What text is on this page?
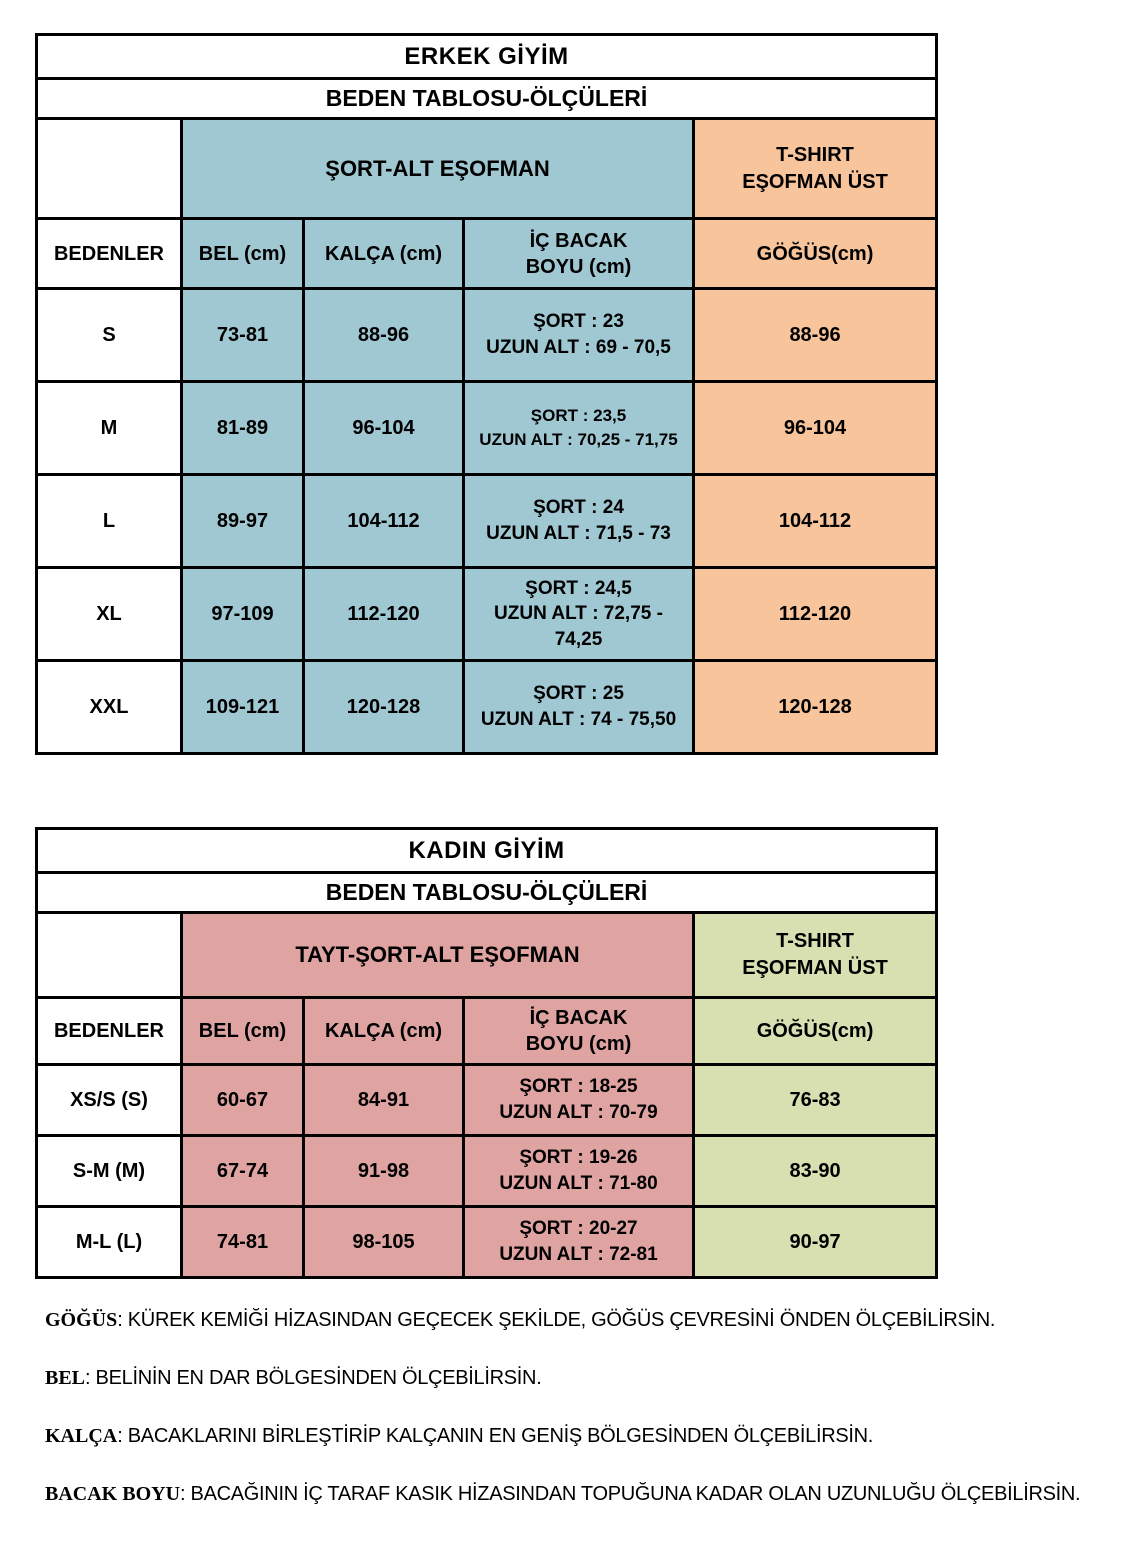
ERKEK GİYİM				
BEDEN TABLOSU-ÖLÇÜLERİ				
	ŞORT-ALT EŞOFMAN			T-SHIRT
EŞOFMAN ÜST

BEDENLER	BEL (cm)	KALÇA (cm)	İÇ BACAK
BOYU (cm)	GÖĞÜS(cm)
S	73-81	88-96	ŞORT : 23
UZUN ALT : 69 - 70,5	88-96
M	81-89	96-104	ŞORT : 23,5
UZUN ALT : 70,25 - 71,75	96-104
L	89-97	104-112	ŞORT : 24
UZUN ALT : 71,5 - 73	104-112
XL	97-109	112-120	ŞORT : 24,5
UZUN ALT : 72,75 - 74,25	112-120
XXL	109-121	120-128	ŞORT : 25
UZUN ALT : 74 - 75,50	120-128
KADIN GİYİM				
BEDEN TABLOSU-ÖLÇÜLERİ				
	TAYT-ŞORT-ALT EŞOFMAN			T-SHIRT
EŞOFMAN ÜST

BEDENLER	BEL (cm)	KALÇA (cm)	İÇ BACAK
BOYU (cm)	GÖĞÜS(cm)
XS/S (S)	60-67	84-91	ŞORT : 18-25
UZUN ALT : 70-79	76-83
S-M (M)	67-74	91-98	ŞORT : 19-26
UZUN ALT : 71-80	83-90
M-L (L)	74-81	98-105	ŞORT : 20-27
UZUN ALT : 72-81	90-97
GÖĞÜS: KÜREK KEMİĞİ HİZASINDAN GEÇECEK ŞEKİLDE, GÖĞÜS ÇEVRESİNİ ÖNDEN ÖLÇEBİLİRSİN.
BEL: BELİNİN EN DAR BÖLGESİNDEN ÖLÇEBİLİRSİN.
KALÇA: BACAKLARINI BİRLEŞTİRİP KALÇANIN EN GENİŞ BÖLGESİNDEN ÖLÇEBİLİRSİN.
BACAK BOYU: BACAĞININ İÇ TARAF KASIK HİZASINDAN TOPUĞUNA KADAR OLAN UZUNLUĞU ÖLÇEBİLİRSİN.
